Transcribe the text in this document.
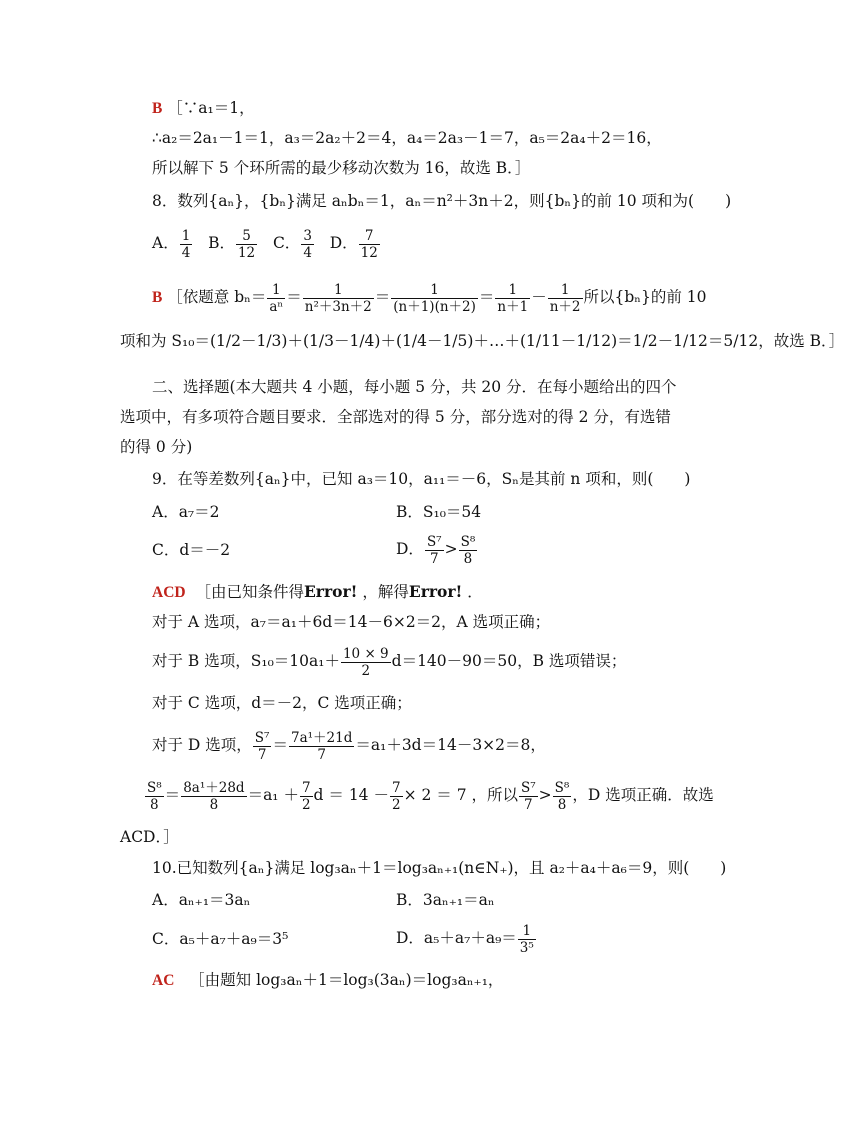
B ［∵a₁＝1，
∴a₂＝2a₁－1＝1，a₃＝2a₂＋2＝4，a₄＝2a₃－1＝7，a₅＝2a₄＋2＝16，
所以解下 5 个环所需的最少移动次数为 16，故选 B．］
8．数列{aₙ}，{bₙ}满足 aₙbₙ＝1，aₙ＝n²＋3n＋2，则{bₙ}的前 10 项和为(　　)
A． $\frac{1}{4}$ B． $\frac{5}{12}$ C． $\frac{3}{4}$ D． $\frac{7}{12}$
B ［依题意 $b_n= \frac{1}{\text{aⁿ}} = \frac{1}{\text{n²＋3n＋2}} = \frac{1}{(n+1)(n+2)} = \frac{1}{n+1} - \frac{1}{n+2}$ 所以{bₙ}的前 10
项和为 S₁₀＝(1/2－1/3)＋(1/3－1/4)＋(1/4－1/5)＋…＋(1/11－1/12)＝1/2－1/12＝5/12，故选 B．］
二、选择题(本大题共 4 小题，每小题 5 分，共 20 分．在每小题给出的四个
选项中，有多项符合题目要求．全部选对的得 5 分，部分选对的得 2 分，有选错
的得 0 分)
9．在等差数列{aₙ}中，已知 a₃＝10，a₁₁＝－6，Sₙ是其前 n 项和，则(　　)
A．a₇＝2	B．S₁₀＝54
C．d＝－2	D． $\frac{\text{S⁷}}{7} > \frac{\text{S⁸}}{8}$
ACD ［由已知条件得Error! ，解得Error! ．
对于 A 选项，a₇＝a₁＋6d＝14－6×2＝2，A 选项正确；
对于 B 选项，$S_{10}=10a_1+ \frac{10 \times 9}{2} d=140-90=50$，B 选项错误；
对于 C 选项，d＝－2，C 选项正确；
对于 D 选项， $\frac{\text{S⁷}}{7} = \frac{\text{7a¹＋21d}}{7} =a_1+3d=14-3\times 2=8$，
$\frac{\text{S⁸}}{8} = \frac{\text{8a¹＋28d}}{8} =a_1 + \frac{7}{2}$ $d = 14 - \frac{7}{2} \times 2 = 7$ ，所以 $\frac{\text{S⁷}}{7} > \frac{\text{S⁸}}{8}$ ，D 选项正确．故选
ACD．］
10.已知数列{aₙ}满足 log₃aₙ＋1＝log₃aₙ₊₁(n∈N₊)，且 a₂＋a₄＋a₆＝9，则(　　)
A．aₙ₊₁＝3aₙ	B．3aₙ₊₁＝aₙ
C．a₅＋a₇＋a₉＝3⁵	D．$a_5+a_7+a_9= \frac{1}{\text{3⁵}}$
AC ［由题知 log₃aₙ＋1＝log₃(3aₙ)＝log₃aₙ₊₁，
